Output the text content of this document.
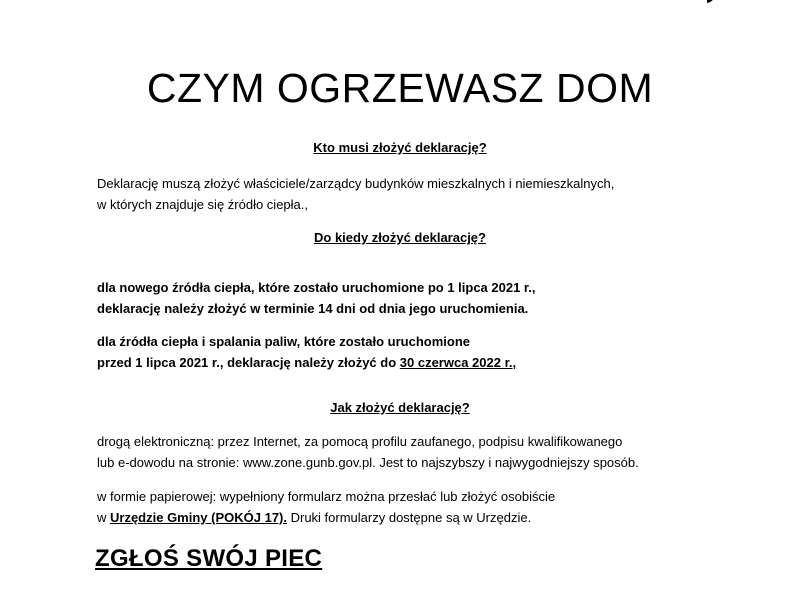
CZYM OGRZEWASZ DOM

Kto musi złożyć deklarację?

Deklarację muszą złożyć właściciele/zarządcy budynków mieszkalnych i niemieszkalnych,
w których znajduje się źródło ciepła.,

Do kiedy złożyć deklarację?

dla nowego źródła ciepła, które zostało uruchomione po 1 lipca 2021 r.,
deklarację należy złożyć w terminie 14 dni od dnia jego uruchomienia.

dla źródła ciepła i spalania paliw, które zostało uruchomione
przed 1 lipca 2021 r., deklarację należy złożyć do 30 czerwca 2022 r.,

Jak złożyć deklarację?

drogą elektroniczną: przez Internet, za pomocą profilu zaufanego, podpisu kwalifikowanego
lub e-dowodu na stronie: www.zone.gunb.gov.pl. Jest to najszybszy i najwygodniejszy sposób.

w formie papierowej: wypełniony formularz można przesłać lub złożyć osobiście
w Urzędzie Gminy (POKÓJ 17). Druki formularzy dostępne są w Urzędzie.

ZGŁOŚ SWÓJ PIEC
